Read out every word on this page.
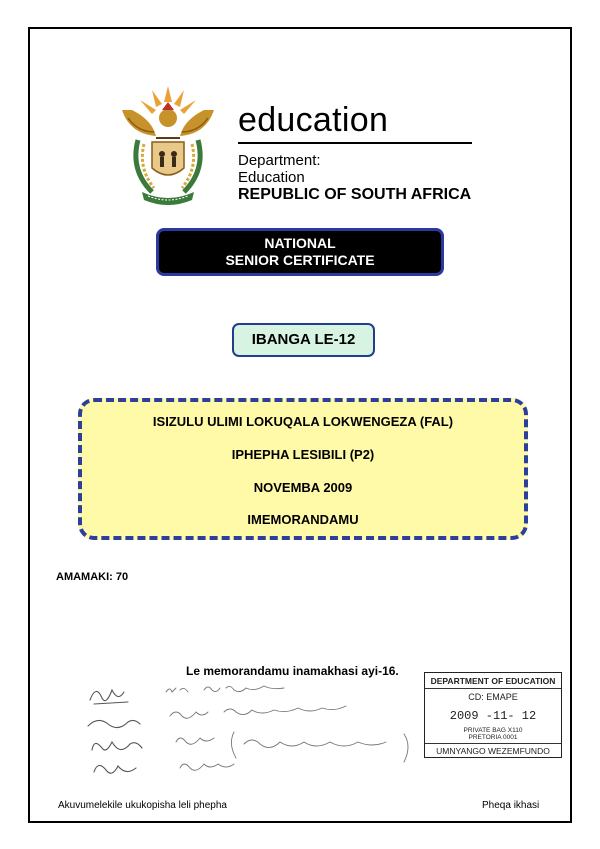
education
Department:
Education
REPUBLIC OF SOUTH AFRICA
NATIONAL
SENIOR CERTIFICATE
IBANGA LE-12
ISIZULU ULIMI LOKUQALA LOKWENGEZA (FAL)
IPHEPHA LESIBILI (P2)
NOVEMBA 2009
IMEMORANDAMU
AMAMAKI: 70
Le memorandamu inamakhasi ayi-16.
DEPARTMENT OF EDUCATION
CD: EMAPE
2009 -11- 12
PRIVATE BAG X110
PRETORIA 0001
UMNYANGO WEZEMFUNDO
Akuvumelekile ukukopisha leli phepha	Pheqa ikhasi
